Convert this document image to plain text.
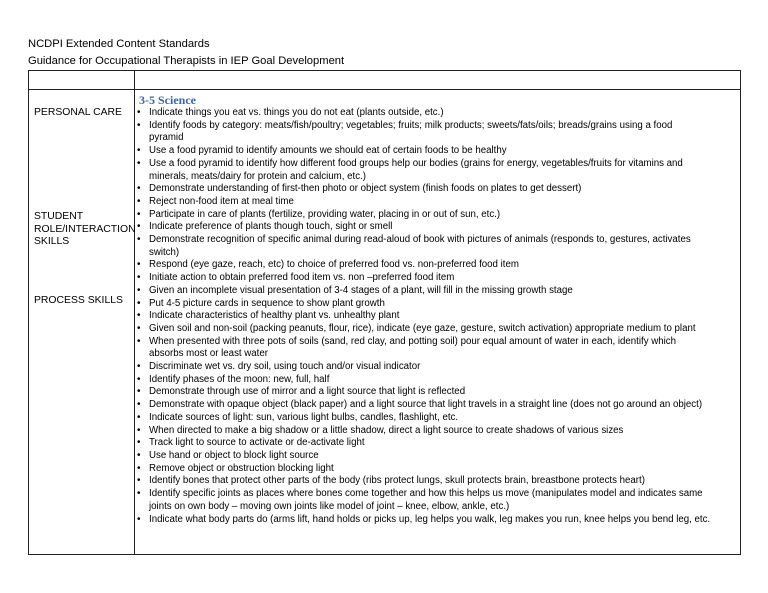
NCDPI Extended Content Standards
Guidance for Occupational Therapists in IEP Goal Development
3-5 Science
PERSONAL CARE
STUDENT
ROLE/INTERACTION
SKILLS
PROCESS SKILLS
• Indicate things you eat vs. things you do not eat (plants outside, etc.)
• Identify foods by category: meats/fish/poultry; vegetables; fruits; milk products; sweets/fats/oils; breads/grains using a food
pyramid
• Use a food pyramid to identify amounts we should eat of certain foods to be healthy
• Use a food pyramid to identify how different food groups help our bodies (grains for energy, vegetables/fruits for vitamins and
minerals, meats/dairy for protein and calcium, etc.)
• Demonstrate understanding of first-then photo or object system (finish foods on plates to get dessert)
• Reject non-food item at meal time
• Participate in care of plants (fertilize, providing water, placing in or out of sun, etc.)
• Indicate preference of plants though touch, sight or smell
• Demonstrate recognition of specific animal during read-aloud of book with pictures of animals (responds to, gestures, activates
switch)
• Respond (eye gaze, reach, etc) to choice of preferred food vs. non-preferred food item
• Initiate action to obtain preferred food item vs. non –preferred food item
• Given an incomplete visual presentation of 3-4 stages of a plant, will fill in the missing growth stage
• Put 4-5 picture cards in sequence to show plant growth
• Indicate characteristics of healthy plant vs. unhealthy plant
• Given soil and non-soil (packing peanuts, flour, rice), indicate (eye gaze, gesture, switch activation) appropriate medium to plant
• When presented with three pots of soils (sand, red clay, and potting soil) pour equal amount of water in each, identify which
absorbs most or least water
• Discriminate wet vs. dry soil, using touch and/or visual indicator
• Identify phases of the moon: new, full, half
• Demonstrate through use of mirror and a light source that light is reflected
• Demonstrate with opaque object (black paper) and a light source that light travels in a straight line (does not go around an object)
• Indicate sources of light: sun, various light bulbs, candles, flashlight, etc.
• When directed to make a big shadow or a little shadow, direct a light source to create shadows of various sizes
• Track light to source to activate or de-activate light
• Use hand or object to block light source
• Remove object or obstruction blocking light
• Identify bones that protect other parts of the body (ribs protect lungs, skull protects brain, breastbone protects heart)
• Identify specific joints as places where bones come together and how this helps us move (manipulates model and indicates same
joints on own body – moving own joints like model of joint – knee, elbow, ankle, etc.)
• Indicate what body parts do (arms lift, hand holds or picks up, leg helps you walk, leg makes you run, knee helps you bend leg, etc.
